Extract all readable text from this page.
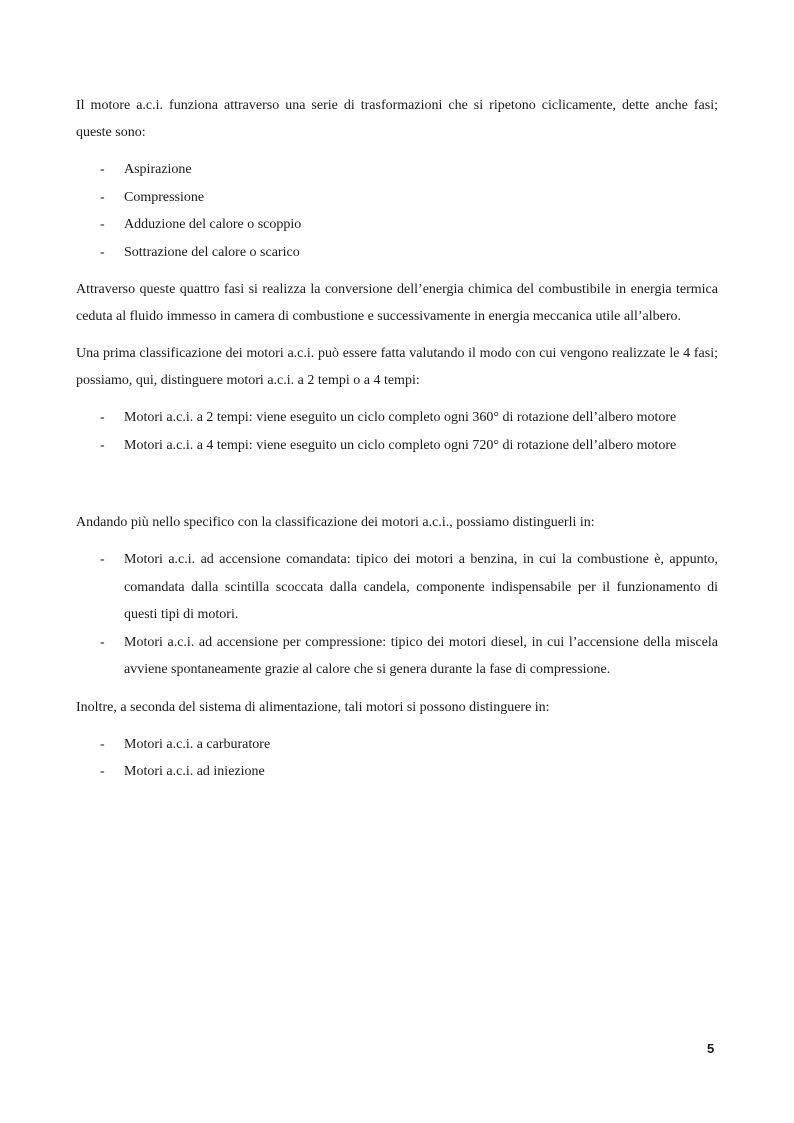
Il motore a.c.i. funziona attraverso una serie di trasformazioni che si ripetono ciclicamente, dette anche fasi; queste sono:

- Aspirazione
- Compressione
- Adduzione del calore o scoppio
- Sottrazione del calore o scarico

Attraverso queste quattro fasi si realizza la conversione dell’energia chimica del combustibile in energia termica ceduta al fluido immesso in camera di combustione e successivamente in energia meccanica utile all’albero.

Una prima classificazione dei motori a.c.i. può essere fatta valutando il modo con cui vengono realizzate le 4 fasi; possiamo, qui, distinguere motori a.c.i. a 2 tempi o a 4 tempi:

- Motori a.c.i. a 2 tempi: viene eseguito un ciclo completo ogni 360° di rotazione dell’albero motore
- Motori a.c.i. a 4 tempi: viene eseguito un ciclo completo ogni 720° di rotazione dell’albero motore

Andando più nello specifico con la classificazione dei motori a.c.i., possiamo distinguerli in:

- Motori a.c.i. ad accensione comandata: tipico dei motori a benzina, in cui la combustione è, appunto, comandata dalla scintilla scoccata dalla candela, componente indispensabile per il funzionamento di questi tipi di motori.
- Motori a.c.i. ad accensione per compressione: tipico dei motori diesel, in cui l’accensione della miscela avviene spontaneamente grazie al calore che si genera durante la fase di compressione.

Inoltre, a seconda del sistema di alimentazione, tali motori si possono distinguere in:

- Motori a.c.i. a carburatore
- Motori a.c.i. ad iniezione
5
